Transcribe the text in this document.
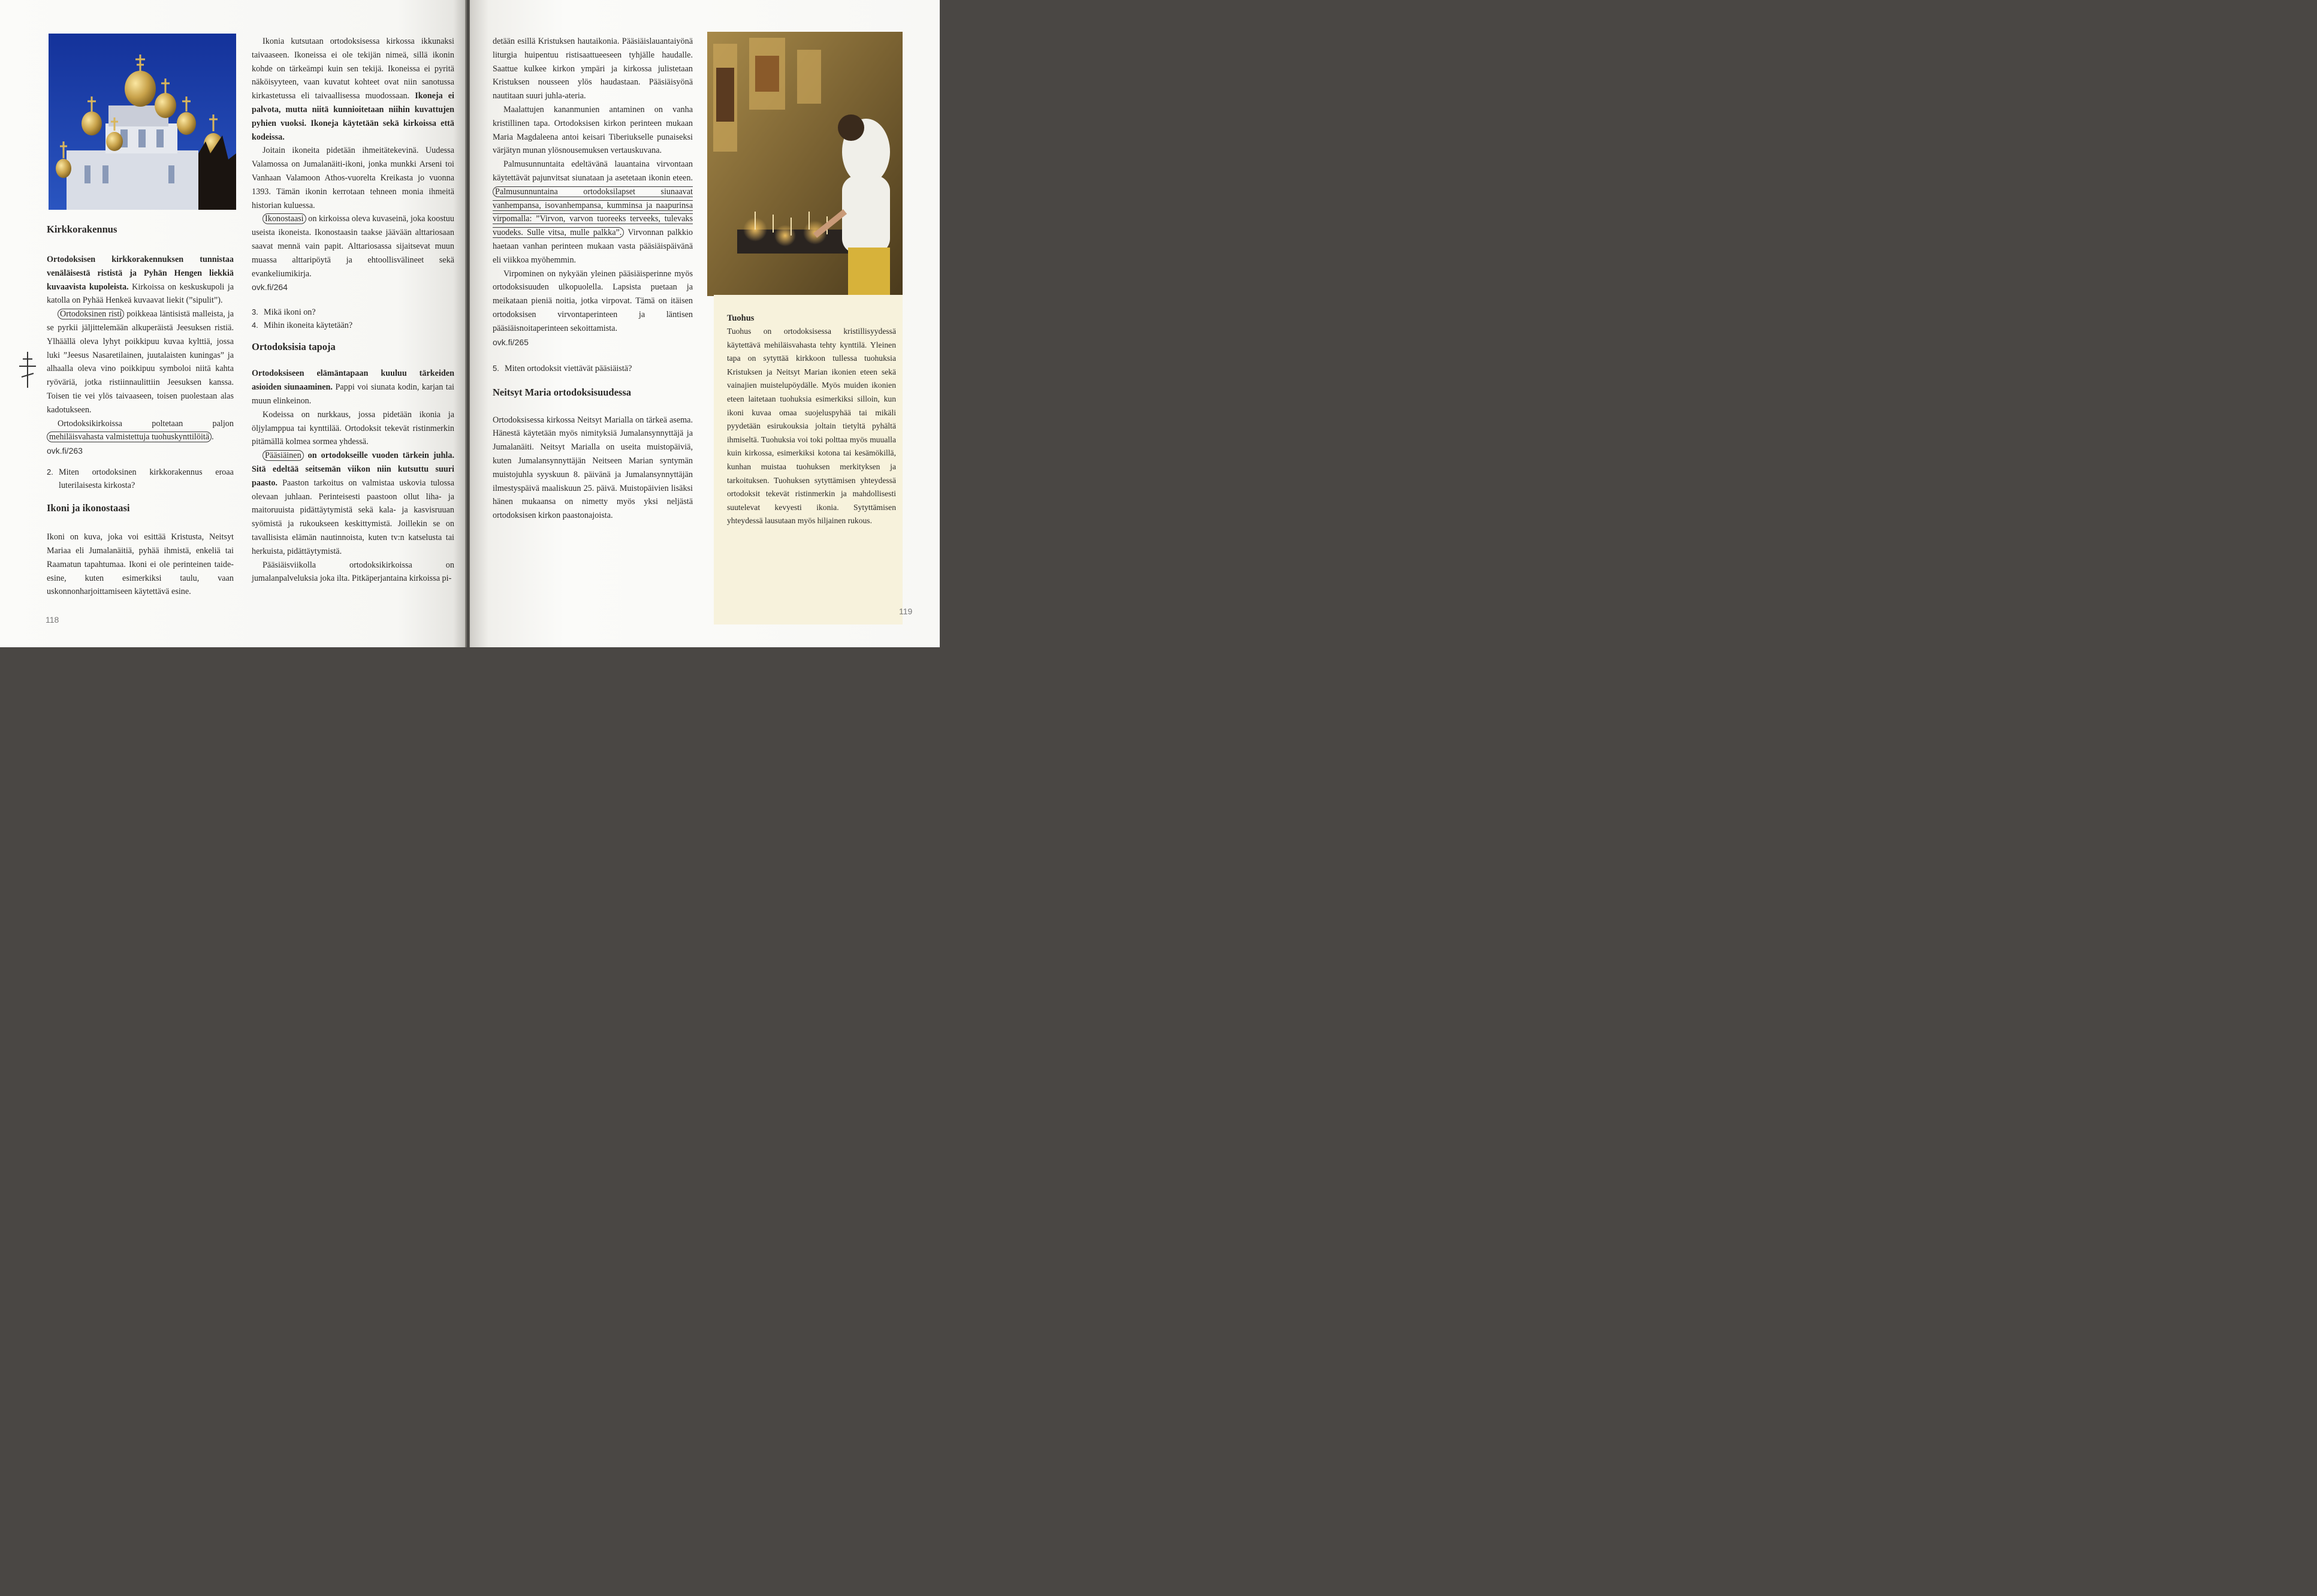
Kirkkorakennus

Ortodoksisen kirkkorakennuksen tunnistaa venäläisestä rististä ja Pyhän Hengen liekkiä kuvaavista kupoleista. Kirkoissa on keskuskupoli ja katolla on Pyhää Henkeä kuvaavat liekit (”sipulit”).

Ortodoksinen risti poikkeaa läntisistä malleista, ja se pyrkii jäljittelemään alkuperäistä Jeesuksen ristiä. Ylhäällä oleva lyhyt poikkipuu kuvaa kylttiä, jossa luki ”Jeesus Nasaretilainen, juutalaisten kuningas” ja alhaalla oleva vino poikkipuu symboloi niitä kahta ryöväriä, jotka ristiinnaulittiin Jeesuksen kanssa. Toisen tie vei ylös taivaaseen, toisen puolestaan alas kadotukseen.

Ortodoksikirkoissa poltetaan paljon mehiläisvahasta valmistettuja tuohuskynttilöitä .

ovk.fi/263

2. Miten ortodoksinen kirkkorakennus eroaa luterilaisesta kirkosta?

Ikoni ja ikonostaasi

Ikoni on kuva, joka voi esittää Kristusta, Neitsyt Mariaa eli Jumalanäitiä, pyhää ihmistä, enkeliä tai Raamatun tapahtumaa. Ikoni ei ole perinteinen taide-esine, kuten esimerkiksi taulu, vaan uskonnonharjoittamiseen käytettävä esine.

Ikonia kutsutaan ortodoksisessa kirkossa ikkunaksi taivaaseen. Ikoneissa ei ole tekijän nimeä, sillä ikonin kohde on tärkeämpi kuin sen tekijä. Ikoneissa ei pyritä näköisyyteen, vaan kuvatut kohteet ovat niin sanotussa kirkastetussa eli taivaallisessa muodossaan. Ikoneja ei palvota, mutta niitä kunnioitetaan niihin kuvattujen pyhien vuoksi. Ikoneja käytetään sekä kirkoissa että kodeissa.

Joitain ikoneita pidetään ihmeitätekevinä. Uudessa Valamossa on Jumalanäiti-ikoni, jonka munkki Arseni toi Vanhaan Valamoon Athos-vuorelta Kreikasta jo vuonna 1393. Tämän ikonin kerrotaan tehneen monia ihmeitä historian kuluessa.

Ikonostaasi on kirkoissa oleva kuvaseinä, joka koostuu useista ikoneista. Ikonostaasin taakse jäävään alttariosaan saavat mennä vain papit. Alttariosassa sijaitsevat muun muassa alttaripöytä ja ehtoollisvälineet sekä evankeliumikirja.

ovk.fi/264

3. Mikä ikoni on?
4. Mihin ikoneita käytetään?

Ortodoksisia tapoja

Ortodoksiseen elämäntapaan kuuluu tärkeiden asioiden siunaaminen. Pappi voi siunata kodin, karjan tai muun elinkeinon.

Kodeissa on nurkkaus, jossa pidetään ikonia ja öljylamppua tai kynttilää. Ortodoksit tekevät ristinmerkin pitämällä kolmea sormea yhdessä.

Pääsiäinen on ortodokseille vuoden tärkein juhla. Sitä edeltää seitsemän viikon niin kutsuttu suuri paasto. Paaston tarkoitus on valmistaa uskovia tulossa olevaan juhlaan. Perinteisesti paastoon ollut liha- ja maitoruuista pidättäytymistä sekä kala- ja kasvisruuan syömistä ja rukoukseen keskittymistä. Joillekin se on tavallisista elämän nautinnoista, kuten tv:n katselusta tai herkuista, pidättäytymistä.

Pääsiäisviikolla ortodoksikirkoissa on jumalanpalveluksia joka ilta. Pitkäperjantaina kirkoissa pi-

118

detään esillä Kristuksen hautaikonia. Pääsiäislauantaiyönä liturgia huipentuu ristisaattueeseen tyhjälle haudalle. Saattue kulkee kirkon ympäri ja kirkossa julistetaan Kristuksen nousseen ylös haudastaan. Pääsiäisyönä nautitaan suuri juhla-ateria.

Maalattujen kananmunien antaminen on vanha kristillinen tapa. Ortodoksisen kirkon perinteen mukaan Maria Magdaleena antoi keisari Tiberiukselle punaiseksi värjätyn munan ylösnousemuksen vertauskuvana.

Palmusunnuntaita edeltävänä lauantaina virvontaan käytettävät pajunvitsat siunataan ja asetetaan ikonin eteen. Palmusunnuntaina ortodoksilapset siunaavat vanhempansa, isovanhempansa, kumminsa ja naapurinsa virpomalla: ”Virvon, varvon tuoreeks terveeks, tulevaks vuodeks. Sulle vitsa, mulle palkka”. Virvonnan palkkio haetaan vanhan perinteen mukaan vasta pääsiäispäivänä eli viikkoa myöhemmin.

Virpominen on nykyään yleinen pääsiäisperinne myös ortodoksisuuden ulkopuolella. Lapsista puetaan ja meikataan pieniä noitia, jotka virpovat. Tämä on itäisen ortodoksisen virvontaperinteen ja läntisen pääsiäisnoitaperinteen sekoittamista.

ovk.fi/265

5. Miten ortodoksit viettävät pääsiäistä?

Neitsyt Maria ortodoksisuudessa

Ortodoksisessa kirkossa Neitsyt Marialla on tärkeä asema. Hänestä käytetään myös nimityksiä Jumalansynnyttäjä ja Jumalanäiti. Neitsyt Marialla on useita muistopäiviä, kuten Jumalansynnyttäjän Neitseen Marian syntymän muistojuhla syyskuun 8. päivänä ja Jumalansynnyttäjän ilmestyspäivä maaliskuun 25. päivä. Muistopäivien lisäksi hänen mukaansa on nimetty myös yksi neljästä ortodoksisen kirkon paastonajoista.

Tuohus

Tuohus on ortodoksisessa kristillisyydessä käytettävä mehiläisvahasta tehty kynttilä. Yleinen tapa on sytyttää kirkkoon tullessa tuohuksia Kristuksen ja Neitsyt Marian ikonien eteen sekä vainajien muistelupöydälle. Myös muiden ikonien eteen laitetaan tuohuksia esimerkiksi silloin, kun ikoni kuvaa omaa suojeluspyhää tai mikäli pyydetään esirukouksia joltain tietyltä pyhältä ihmiseltä. Tuohuksia voi toki polttaa myös muualla kuin kirkossa, esimerkiksi kotona tai kesämökillä, kunhan muistaa tuohuksen merkityksen ja tarkoituksen. Tuohuksen sytyttämisen yhteydessä ortodoksit tekevät ristinmerkin ja mahdollisesti suutelevat kevyesti ikonia. Sytyttämisen yhteydessä lausutaan myös hiljainen rukous.

119
